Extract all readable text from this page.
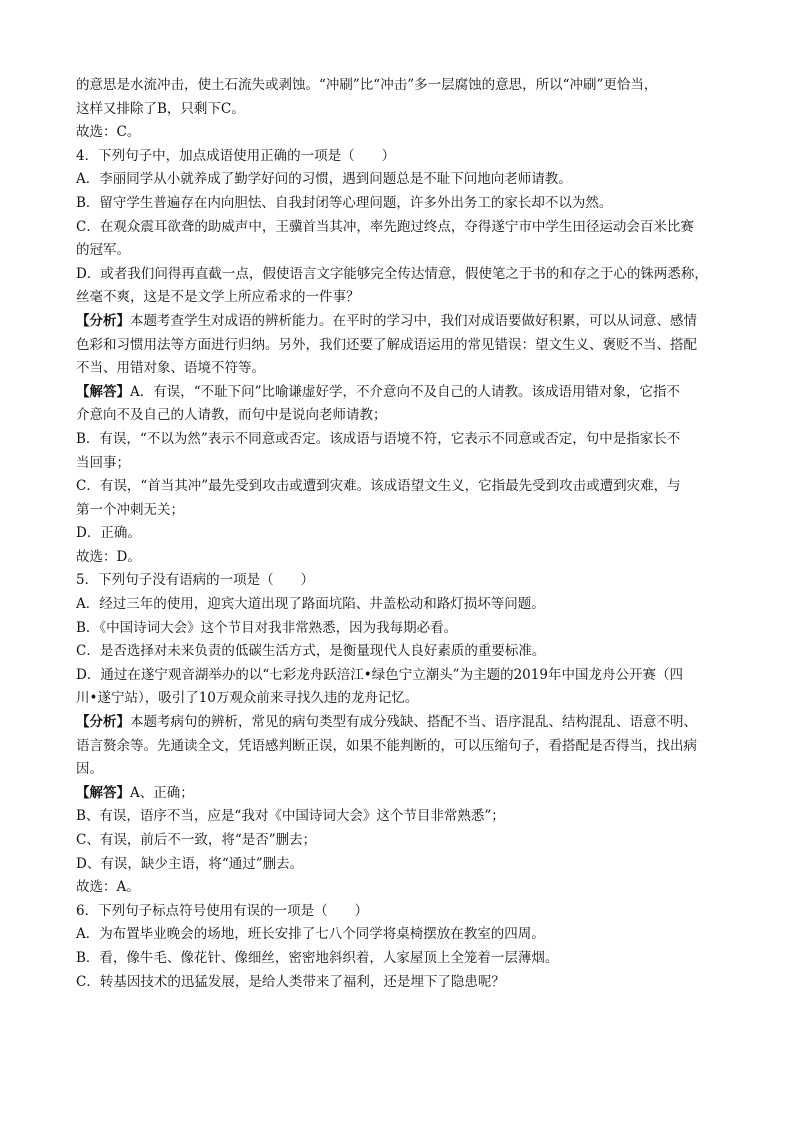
的意思是水流冲击，使土石流失或剥蚀。“冲刷”比“冲击”多一层腐蚀的意思，所以“冲刷”更恰当，
这样又排除了B，只剩下C。
故选：C。
4．下列句子中，加点成语使用正确的一项是（　　）
A．李丽同学从小就养成了勤学好问的习惯，遇到问题总是不耻下问地向老师请教。
B．留守学生普遍存在内向胆怯、自我封闭等心理问题，许多外出务工的家长却不以为然。
C．在观众震耳欲聋的助威声中，王骥首当其冲，率先跑过终点，夺得遂宁市中学生田径运动会百米比赛
的冠军。
D．或者我们问得再直截一点，假使语言文字能够完全传达情意，假使笔之于书的和存之于心的铢两悉称，
丝毫不爽，这是不是文学上所应希求的一件事？
【分析】本题考查学生对成语的辨析能力。在平时的学习中，我们对成语要做好积累，可以从词意、感情
色彩和习惯用法等方面进行归纳。另外，我们还要了解成语运用的常见错误：望文生义、褒贬不当、搭配
不当、用错对象、语境不符等。
【解答】A．有误，“不耻下问”比喻谦虚好学，不介意向不及自己的人请教。该成语用错对象，它指不
介意向不及自己的人请教，而句中是说向老师请教；
B．有误，“不以为然”表示不同意或否定。该成语与语境不符，它表示不同意或否定，句中是指家长不
当回事；
C．有误，“首当其冲”最先受到攻击或遭到灾难。该成语望文生义，它指最先受到攻击或遭到灾难，与
第一个冲刺无关；
D．正确。
故选：D。
5．下列句子没有语病的一项是（　　）
A．经过三年的使用，迎宾大道出现了路面坑陷、井盖松动和路灯损坏等问题。
B．《中国诗词大会》这个节目对我非常熟悉，因为我每期必看。
C．是否选择对未来负责的低碳生活方式，是衡量现代人良好素质的重要标准。
D．通过在遂宁观音湖举办的以“七彩龙舟跃涪江•绿色宁立潮头”为主题的2019年中国龙舟公开赛（四
川•遂宁站），吸引了10万观众前来寻找久违的龙舟记忆。
【分析】本题考病句的辨析，常见的病句类型有成分残缺、搭配不当、语序混乱、结构混乱、语意不明、
语言赘余等。先通读全文，凭语感判断正误，如果不能判断的，可以压缩句子，看搭配是否得当，找出病
因。
【解答】A、正确；
B、有误，语序不当，应是“我对《中国诗词大会》这个节目非常熟悉”；
C、有误，前后不一致，将“是否”删去；
D、有误，缺少主语，将“通过”删去。
故选：A。
6．下列句子标点符号使用有误的一项是（　　）
A．为布置毕业晚会的场地，班长安排了七八个同学将桌椅摆放在教室的四周。
B．看，像牛毛、像花针、像细丝，密密地斜织着，人家屋顶上全笼着一层薄烟。
C．转基因技术的迅猛发展，是给人类带来了福利，还是埋下了隐患呢？
